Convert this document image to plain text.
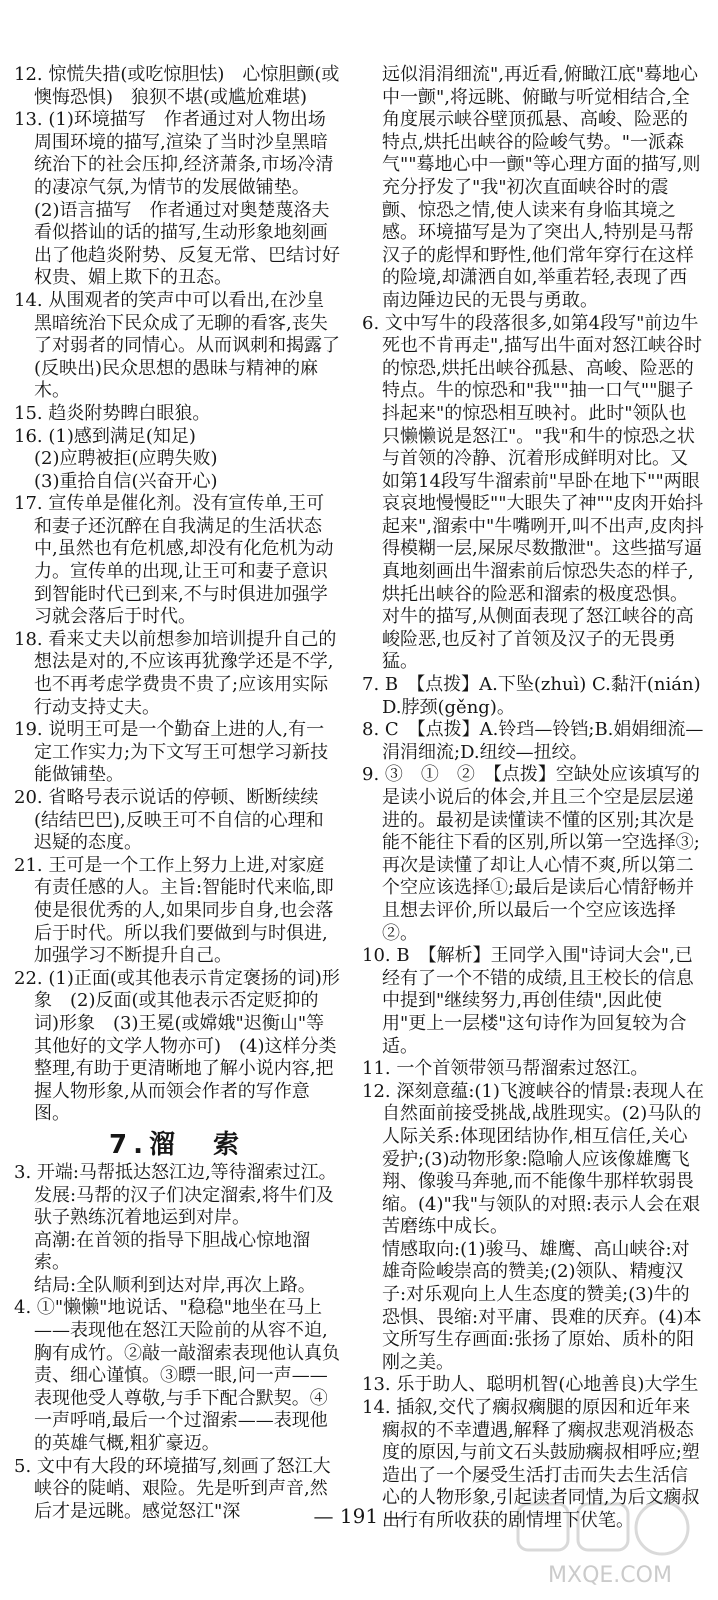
12. 惊慌失措(或吃惊胆怯)　心惊胆颤(或懊悔恐惧)　狼狈不堪(或尴尬难堪)
13. (1)环境描写　作者通过对人物出场周围环境的描写,渲染了当时沙皇黑暗统治下的社会压抑,经济萧条,市场冷清的凄凉气氛,为情节的发展做铺垫。
(2)语言描写　作者通过对奥楚蔑洛夫看似搭讪的话的描写,生动形象地刻画出了他趋炎附势、反复无常、巴结讨好权贵、媚上欺下的丑态。
14. 从围观者的笑声中可以看出,在沙皇黑暗统治下民众成了无聊的看客,丧失了对弱者的同情心。从而讽刺和揭露了(反映出)民众思想的愚昧与精神的麻木。
15. 趋炎附势睥白眼狼。
16. (1)感到满足(知足)
(2)应聘被拒(应聘失败)
(3)重拾自信(兴奋开心)
17. 宣传单是催化剂。没有宣传单,王可和妻子还沉醉在自我满足的生活状态中,虽然也有危机感,却没有化危机为动力。宣传单的出现,让王可和妻子意识到智能时代已到来,不与时俱进加强学习就会落后于时代。
18. 看来丈夫以前想参加培训提升自己的想法是对的,不应该再犹豫学还是不学,也不再考虑学费贵不贵了;应该用实际行动支持丈夫。
19. 说明王可是一个勤奋上进的人,有一定工作实力;为下文写王可想学习新技能做铺垫。
20. 省略号表示说话的停顿、断断续续(结结巴巴),反映王可不自信的心理和迟疑的态度。
21. 王可是一个工作上努力上进,对家庭有责任感的人。主旨:智能时代来临,即使是很优秀的人,如果同步自身,也会落后于时代。所以我们要做到与时俱进,加强学习不断提升自己。
22. (1)正面(或其他表示肯定褒扬的词)形象　(2)反面(或其他表示否定贬抑的词)形象　(3)王冕(或嫦娥"迟衡山"等其他好的文学人物亦可)　(4)这样分类整理,有助于更清晰地了解小说内容,把握人物形象,从而领会作者的写作意图。
7.溜　索
3. 开端:马帮抵达怒江边,等待溜索过江。
发展:马帮的汉子们决定溜索,将牛们及驮子熟练沉着地运到对岸。
高潮:在首领的指导下胆战心惊地溜索。
结局:全队顺利到达对岸,再次上路。
4. ①"懒懒"地说话、"稳稳"地坐在马上——表现他在怒江天险前的从容不迫,胸有成竹。②敲一敲溜索表现他认真负责、细心谨慎。③瞟一眼,问一声——表现他受人尊敬,与手下配合默契。④一声呼哨,最后一个过溜索——表现他的英雄气概,粗犷豪迈。
5. 文中有大段的环境描写,刻画了怒江大峡谷的陡峭、艰险。先是听到声音,然后才是远眺。感觉怒江"深
远似涓涓细流",再近看,俯瞰江底"蓦地心中一颤",将远眺、俯瞰与听觉相结合,全角度展示峡谷壁顶孤悬、高峻、险恶的特点,烘托出峡谷的险峻气势。"一派森气""蓦地心中一颤"等心理方面的描写,则充分抒发了"我"初次直面峡谷时的震颤、惊恐之情,使人读来有身临其境之感。环境描写是为了突出人,特别是马帮汉子的彪悍和野性,他们常年穿行在这样的险境,却潇洒自如,举重若轻,表现了西南边陲边民的无畏与勇敢。
6. 文中写牛的段落很多,如第4段写"前边牛死也不肯再走",描写出牛面对怒江峡谷时的惊恐,烘托出峡谷孤悬、高峻、险恶的特点。牛的惊恐和"我""抽一口气""腿子抖起来"的惊恐相互映衬。此时"领队也只懒懒说是怒江"。"我"和牛的惊恐之状与首领的冷静、沉着形成鲜明对比。又如第14段写牛溜索前"早卧在地下""两眼哀哀地慢慢眨""大眼失了神""皮肉开始抖起来",溜索中"牛嘴咧开,叫不出声,皮肉抖得模糊一层,屎尿尽数撒泄"。这些描写逼真地刻画出牛溜索前后惊恐失态的样子,烘托出峡谷的险恶和溜索的极度恐惧。对牛的描写,从侧面表现了怒江峡谷的高峻险恶,也反衬了首领及汉子的无畏勇猛。
7. B　【点拨】A.下坠(zhuì) C.黏汗(nián) D.脖颈(gěng)。
8. C　【点拨】A.铃珰—铃铛;B.娟娟细流—涓涓细流;D.纽绞—扭绞。
9. ③　①　②　【点拨】空缺处应该填写的是读小说后的体会,并且三个空是层层递进的。最初是读懂读不懂的区别;其次是能不能往下看的区别,所以第一空选择③;再次是读懂了却让人心情不爽,所以第二个空应该选择①;最后是读后心情舒畅并且想去评价,所以最后一个空应该选择②。
10. B　【解析】王同学入围"诗词大会",已经有了一个不错的成绩,且王校长的信息中提到"继续努力,再创佳绩",因此使用"更上一层楼"这句诗作为回复较为合适。
11. 一个首领带领马帮溜索过怒江。
12. 深刻意蕴:(1)飞渡峡谷的情景:表现人在自然面前接受挑战,战胜现实。(2)马队的人际关系:体现团结协作,相互信任,关心爱护;(3)动物形象:隐喻人应该像雄鹰飞翔、像骏马奔驰,而不能像牛那样软弱畏缩。(4)"我"与领队的对照:表示人会在艰苦磨练中成长。
情感取向:(1)骏马、雄鹰、高山峡谷:对雄奇险峻崇高的赞美;(2)领队、精瘦汉子:对乐观向上人生态度的赞美;(3)牛的恐惧、畏缩:对平庸、畏难的厌弃。(4)本文所写生存画面:张扬了原始、质朴的阳刚之美。
13. 乐于助人、聪明机智(心地善良)大学生
14. 插叙,交代了瘸叔瘸腿的原因和近年来瘸叔的不幸遭遇,解释了瘸叔悲观消极态度的原因,与前文石头鼓励瘸叔相呼应;塑造出了一个屡受生活打击而失去生活信心的人物形象,引起读者同情,为后文瘸叔出行有所收获的剧情埋下伏笔。
— 191 —
MXQE.COM
